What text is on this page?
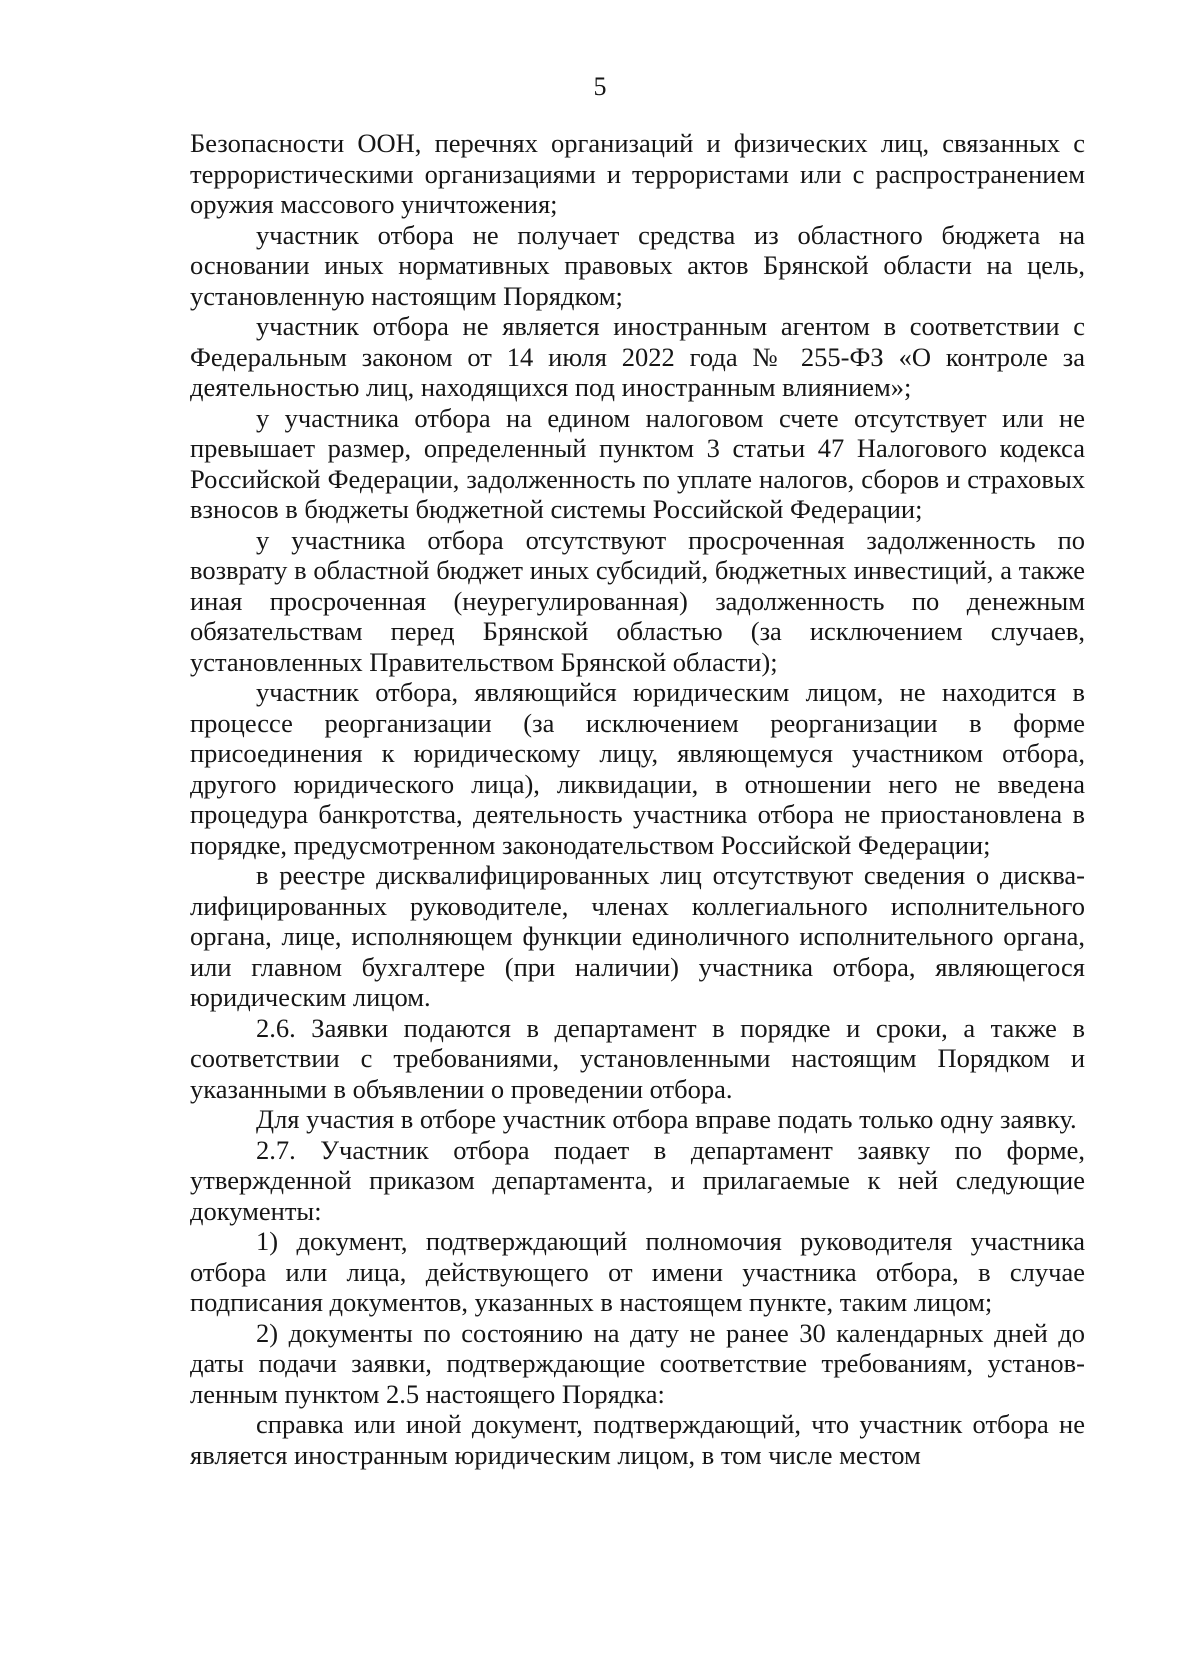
5

Безопасности ООН, перечнях организаций и физических лиц, связанных с террористическими организациями и террористами или с распространением оружия массового уничтожения;

участник отбора не получает средства из областного бюджета на основании иных нормативных правовых актов Брянской области на цель, установленную настоящим Порядком;

участник отбора не является иностранным агентом в соответствии с Федеральным законом от 14 июля 2022 года № 255-ФЗ «О контроле за деятельностью лиц, находящихся под иностранным влиянием»;

у участника отбора на едином налоговом счете отсутствует или не превышает размер, определенный пунктом 3 статьи 47 Налогового кодекса Российской Федерации, задолженность по уплате налогов, сборов и страховых взносов в бюджеты бюджетной системы Российской Федерации;

у участника отбора отсутствуют просроченная задолженность по возврату в областной бюджет иных субсидий, бюджетных инвестиций, а также иная просроченная (неурегулированная) задолженность по денежным обязательствам перед Брянской областью (за исключением случаев, установленных Правительством Брянской области);

участник отбора, являющийся юридическим лицом, не находится в процессе реорганизации (за исключением реорганизации в форме присоединения к юридическому лицу, являющемуся участником отбора, другого юридического лица), ликвидации, в отношении него не введена процедура банкротства, деятельность участника отбора не приостановлена в порядке, предусмотренном законодательством Российской Федерации;

в реестре дисквалифицированных лиц отсутствуют сведения о дисквалифицированных руководителе, членах коллегиального исполнительного органа, лице, исполняющем функции единоличного исполнительного органа, или главном бухгалтере (при наличии) участника отбора, являющегося юридическим лицом.

2.6. Заявки подаются в департамент в порядке и сроки, а также в соответствии с требованиями, установленными настоящим Порядком и указанными в объявлении о проведении отбора.

Для участия в отборе участник отбора вправе подать только одну заявку.

2.7. Участник отбора подает в департамент заявку по форме, утвержденной приказом департамента, и прилагаемые к ней следующие документы:

1) документ, подтверждающий полномочия руководителя участника отбора или лица, действующего от имени участника отбора, в случае подписания документов, указанных в настоящем пункте, таким лицом;

2) документы по состоянию на дату не ранее 30 календарных дней до даты подачи заявки, подтверждающие соответствие требованиям, установленным пунктом 2.5 настоящего Порядка:

справка или иной документ, подтверждающий, что участник отбора не является иностранным юридическим лицом, в том числе местом
